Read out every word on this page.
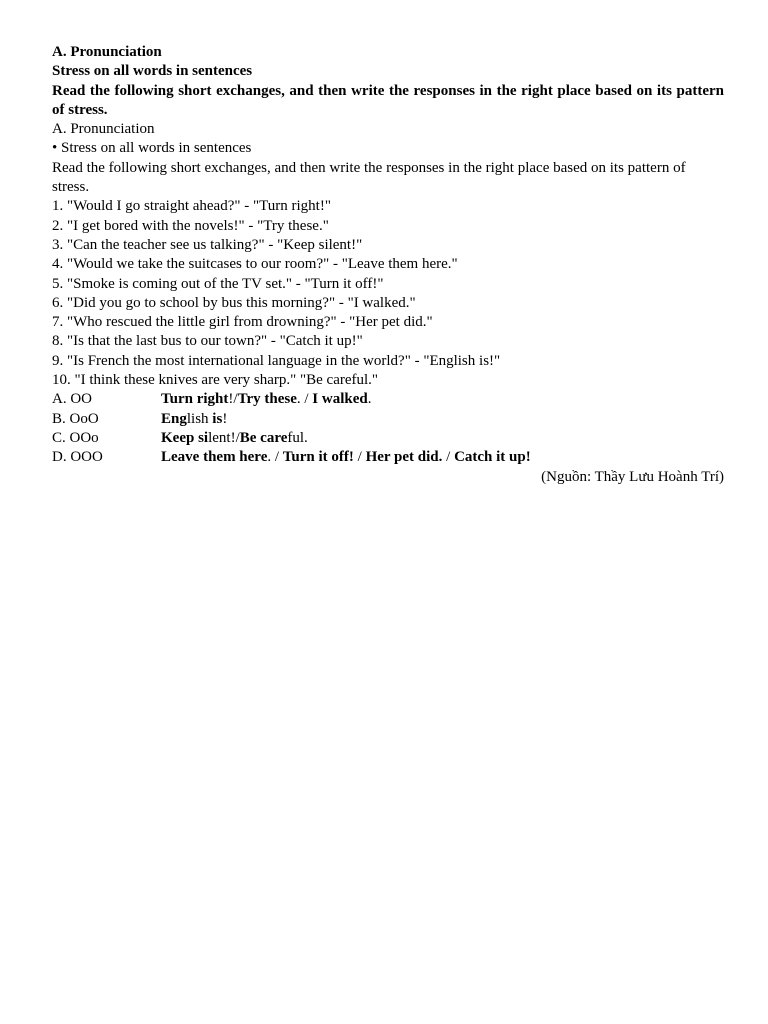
A. Pronunciation
Stress on all words in sentences
Read the following short exchanges, and then write the responses in the right place based on its pattern of stress.
A. Pronunciation
• Stress on all words in sentences
Read the following short exchanges, and then write the responses in the right place based on its pattern of stress.
1. "Would I go straight ahead?" - "Turn right!"
2. "I get bored with the novels!" - "Try these."
3. "Can the teacher see us talking?" - "Keep silent!"
4. "Would we take the suitcases to our room?" - "Leave them here."
5. "Smoke is coming out of the TV set." - "Turn it off!"
6. "Did you go to school by bus this morning?" - "I walked."
7. "Who rescued the little girl from drowning?" - "Her pet did."
8. "Is that the last bus to our town?" - "Catch it up!"
9. "Is French the most international language in the world?" - "English is!"
10. "I think these knives are very sharp." "Be careful."
A. OO	Turn right!/Try these. / I walked.
B. OoO	English is!
C. OOo	Keep silent!/Be careful.
D. OOO	Leave them here. / Turn it off! / Her pet did. / Catch it up!
(Nguồn: Thầy Lưu Hoành Trí)
